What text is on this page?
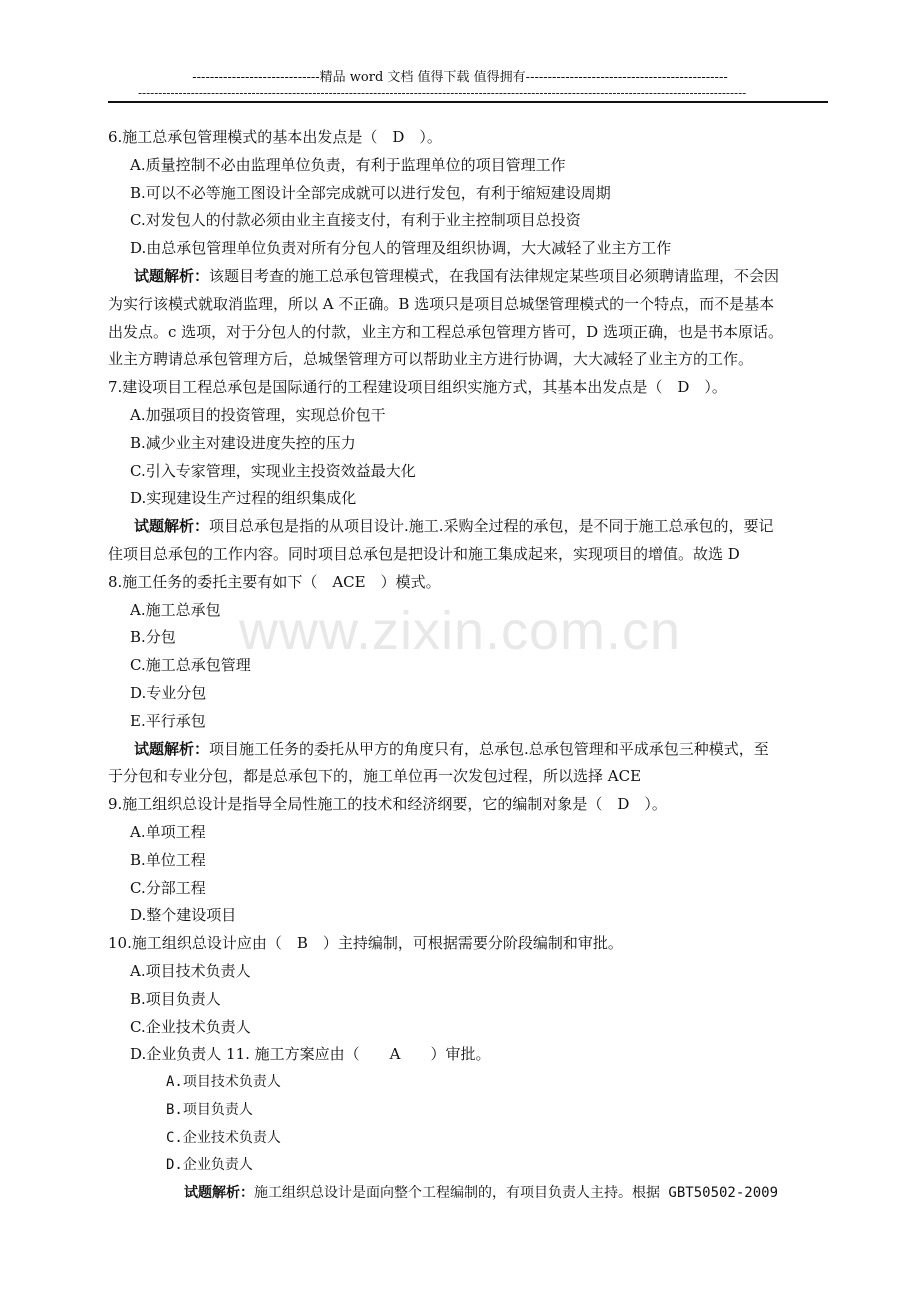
-----------------------------精品 word 文档 值得下载 值得拥有----------------------------------------------
------------------------------------------------------------------------------------------------------------------------------------------------------
www.zixin.com.cn
6.施工总承包管理模式的基本出发点是（　D　）。
A.质量控制不必由监理单位负责，有利于监理单位的项目管理工作
B.可以不必等施工图设计全部完成就可以进行发包，有利于缩短建设周期
C.对发包人的付款必须由业主直接支付，有利于业主控制项目总投资
D.由总承包管理单位负责对所有分包人的管理及组织协调，大大减轻了业主方工作
试题解析：该题目考查的施工总承包管理模式，在我国有法律规定某些项目必须聘请监理，不会因
为实行该模式就取消监理，所以 A 不正确。B 选项只是项目总城堡管理模式的一个特点，而不是基本
出发点。c 选项，对于分包人的付款，业主方和工程总承包管理方皆可，D 选项正确，也是书本原话。
业主方聘请总承包管理方后，总城堡管理方可以帮助业主方进行协调，大大减轻了业主方的工作。
7.建设项目工程总承包是国际通行的工程建设项目组织实施方式，其基本出发点是（　D　）。
A.加强项目的投资管理，实现总价包干
B.减少业主对建设进度失控的压力
C.引入专家管理，实现业主投资效益最大化
D.实现建设生产过程的组织集成化
试题解析：项目总承包是指的从项目设计.施工.采购全过程的承包，是不同于施工总承包的，要记
住项目总承包的工作内容。同时项目总承包是把设计和施工集成起来，实现项目的增值。故选 D
8.施工任务的委托主要有如下（　ACE　）模式。
A.施工总承包
B.分包
C.施工总承包管理
D.专业分包
E.平行承包
试题解析：项目施工任务的委托从甲方的角度只有，总承包.总承包管理和平成承包三种模式，至
于分包和专业分包，都是总承包下的，施工单位再一次发包过程，所以选择 ACE
9.施工组织总设计是指导全局性施工的技术和经济纲要，它的编制对象是（　D　）。
A.单项工程
B.单位工程
C.分部工程
D.整个建设项目
10.施工组织总设计应由（　B　）主持编制，可根据需要分阶段编制和审批。
A.项目技术负责人
B.项目负责人
C.企业技术负责人
D.企业负责人 11. 施工方案应由（　　A　　）审批。
A.项目技术负责人
B.项目负责人
C.企业技术负责人
D.企业负责人
试题解析：施工组织总设计是面向整个工程编制的，有项目负责人主持。根据 GBT50502-2009
